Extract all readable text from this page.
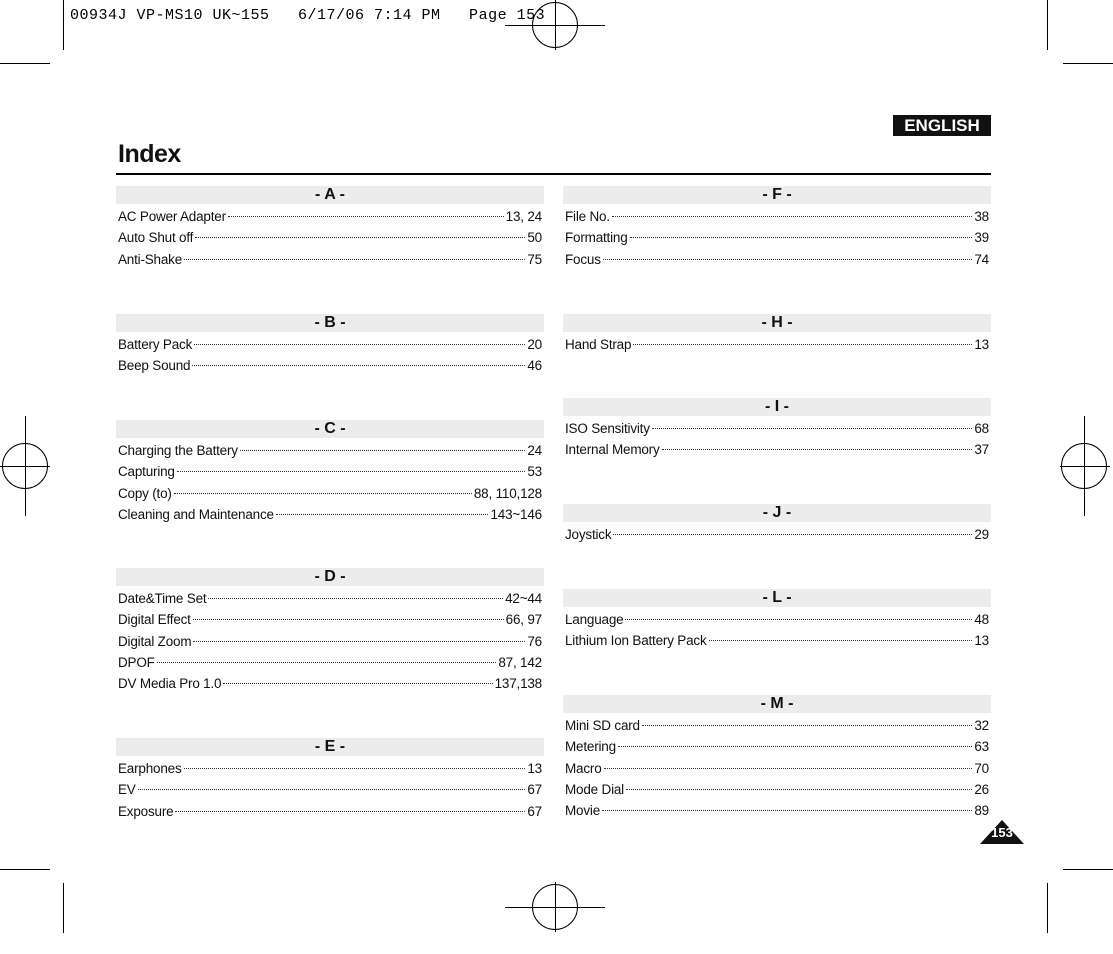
00934J VP-MS10 UK~155   6/17/06 7:14 PM   Page 153
ENGLISH
Index
- A -
AC Power Adapter	13, 24
Auto Shut off	50
Anti-Shake	75
- B -
Battery Pack	20
Beep Sound	46
- C -
Charging the Battery	24
Capturing	53
Copy (to)	88, 110,128
Cleaning and Maintenance	143~146
- D -
Date&Time Set	42~44
Digital Effect	66, 97
Digital Zoom	76
DPOF	87, 142
DV Media Pro 1.0	137,138
- E -
Earphones	13
EV	67
Exposure	67
- F -
File No.	38
Formatting	39
Focus	74
- H -
Hand Strap	13
- I -
ISO Sensitivity	68
Internal Memory	37
- J -
Joystick	29
- L -
Language	48
Lithium Ion Battery Pack	13
- M -
Mini SD card	32
Metering	63
Macro	70
Mode Dial	26
Movie	89
153
